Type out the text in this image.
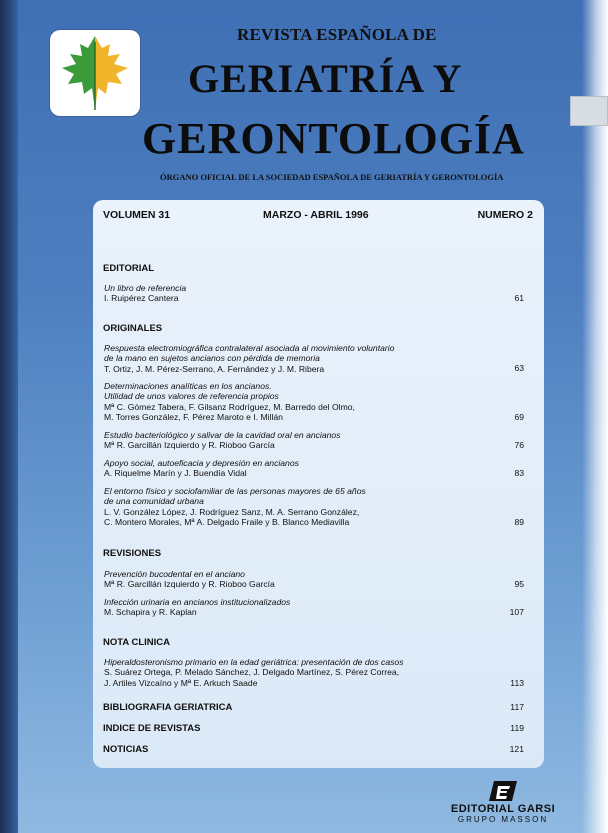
REVISTA ESPAÑOLA DE
GERIATRÍA Y
GERONTOLOGÍA
ÓRGANO OFICIAL DE LA SOCIEDAD ESPAÑOLA DE GERIATRÍA Y GERONTOLOGÍA
VOLUMEN 31	MARZO - ABRIL 1996	NUMERO 2
EDITORIAL
Un libro de referencia
I. Ruipérez Cantera	61
ORIGINALES
Respuesta electromiográfica contralateral asociada al movimiento voluntario
de la mano en sujetos ancianos con pérdida de memoria
T. Ortiz, J. M. Pérez-Serrano, A. Fernández y J. M. Ribera	63
Determinaciones analíticas en los ancianos.
Utilidad de unos valores de referencia propios
Mª C. Gómez Tabera, F. Gilsanz Rodríguez, M. Barredo del Olmo,
M. Torres González, F. Pérez Maroto e I. Millán	69
Estudio bacteriológico y salivar de la cavidad oral en ancianos
Mª R. Garcillán Izquierdo y R. Rioboo García	76
Apoyo social, autoeficacia y depresión en ancianos
A. Riquelme Marín y J. Buendía Vidal	83
El entorno físico y sociofamiliar de las personas mayores de 65 años
de una comunidad urbana
L. V. González López, J. Rodríguez Sanz, M. A. Serrano González,
C. Montero Morales, Mª A. Delgado Fraile y B. Blanco Mediavilla	89
REVISIONES
Prevención bucodental en el anciano
Mª R. Garcillán Izquierdo y R. Rioboo García	95
Infección urinaria en ancianos institucionalizados
M. Schapira y R. Kaplan	107
NOTA CLINICA
Hiperaldosteronismo primario en la edad geriátrica: presentación de dos casos
S. Suárez Ortega, P. Melado Sánchez, J. Delgado Martínez, S. Pérez Correa,
J. Artiles Vizcaíno y Mª E. Arkuch Saade	113
BIBLIOGRAFIA GERIATRICA	117
INDICE DE REVISTAS	119
NOTICIAS	121
EDITORIAL GARSI
GRUPO MASSON
